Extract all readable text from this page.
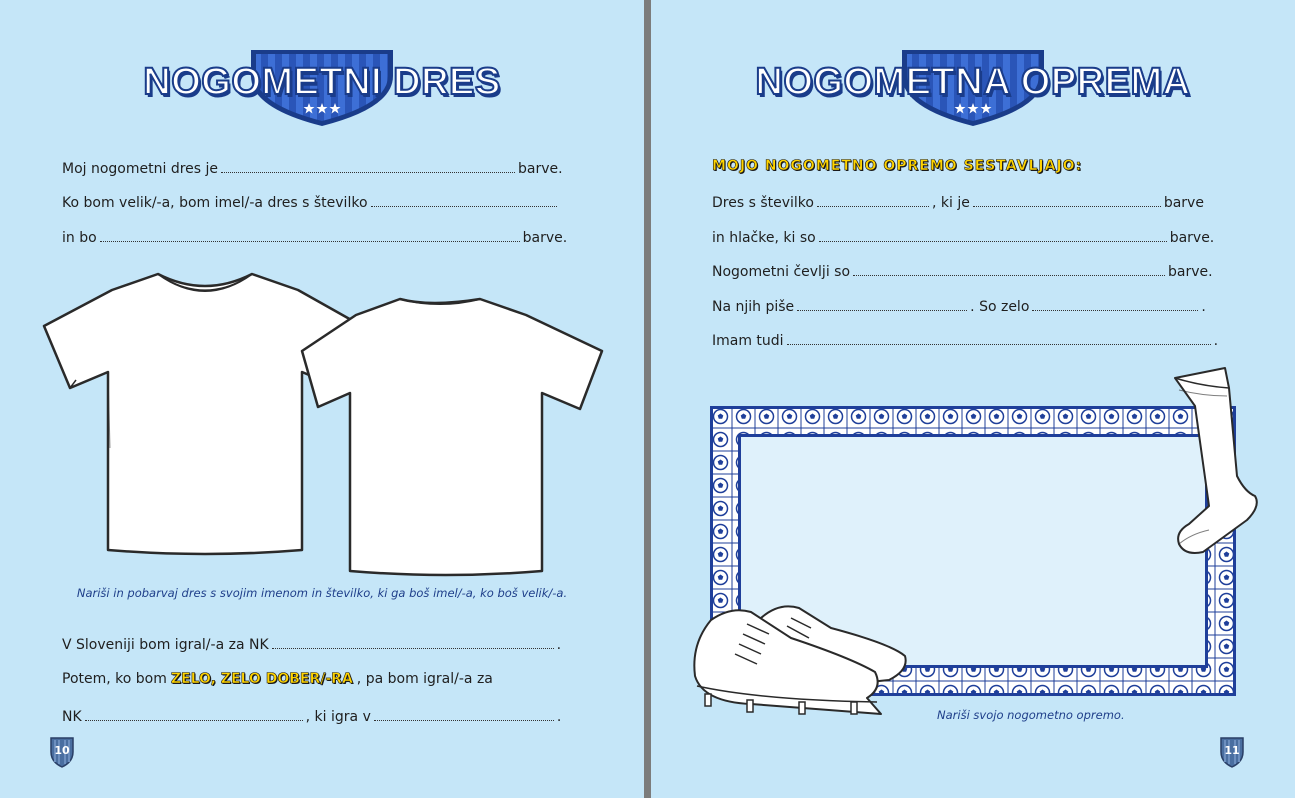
NOGOMETNI DRES
Moj nogometni dres je	barve.
Ko bom velik/-a, bom imel/-a dres s številko
in bo	barve.
Nariši in pobarvaj dres s svojim imenom in številko, ki ga boš imel/-a, ko boš velik/-a.
V Sloveniji bom igral/-a za NK	.
Potem, ko bom ZELO, ZELO DOBER/-RA , pa bom igral/-a za
NK	, ki igra v	.
10
NOGOMETNA OPREMA
MOJO NOGOMETNO OPREMO SESTAVLJAJO:
Dres s številko	, ki je	barve
in hlačke, ki so	barve.
Nogometni čevlji so	barve.
Na njih piše	. So zelo	.
Imam tudi	.
Nariši svojo nogometno opremo.
11
